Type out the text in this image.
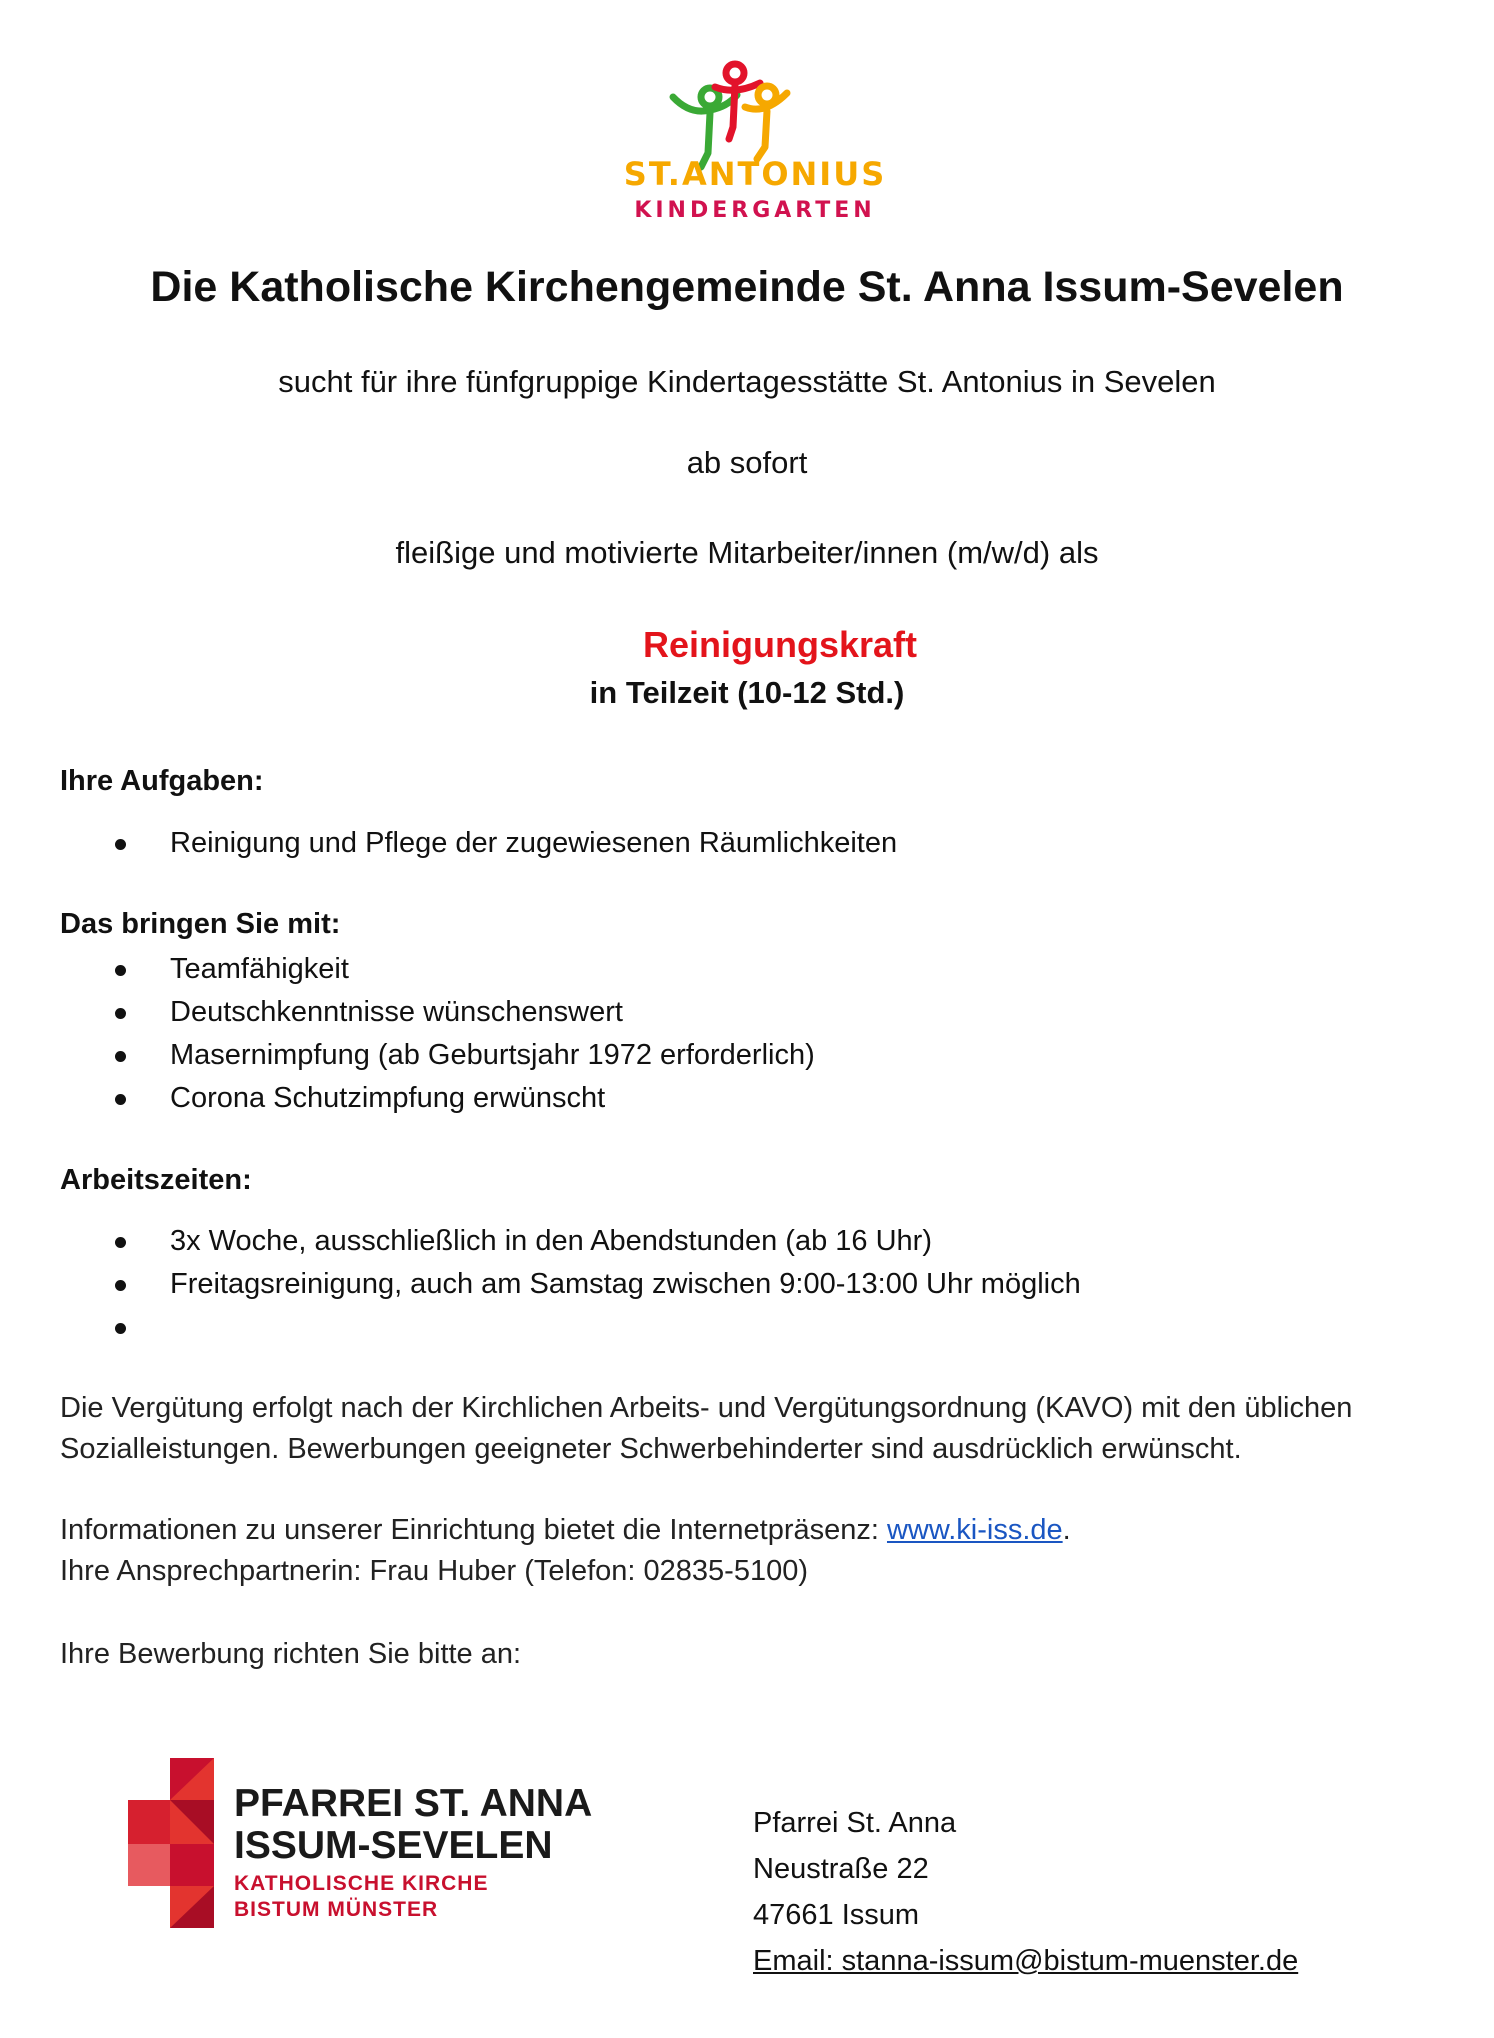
ST.ANTONIUS
KINDERGARTEN
Die Katholische Kirchengemeinde St. Anna Issum-Sevelen
sucht für ihre fünfgruppige Kindertagesstätte St. Antonius in Sevelen
ab sofort
fleißige und motivierte Mitarbeiter/innen (m/w/d) als
Reinigungskraft
in Teilzeit (10-12 Std.)
Ihre Aufgaben:
Reinigung und Pflege der zugewiesenen Räumlichkeiten
Das bringen Sie mit:
Teamfähigkeit
Deutschkenntnisse wünschenswert
Masernimpfung (ab Geburtsjahr 1972 erforderlich)
Corona Schutzimpfung erwünscht
Arbeitszeiten:
3x Woche, ausschließlich in den Abendstunden (ab 16 Uhr)
Freitagsreinigung, auch am Samstag zwischen 9:00-13:00 Uhr möglich
Die Vergütung erfolgt nach der Kirchlichen Arbeits- und Vergütungsordnung (KAVO) mit den üblichen
Sozialleistungen. Bewerbungen geeigneter Schwerbehinderter sind ausdrücklich erwünscht.
Informationen zu unserer Einrichtung bietet die Internetpräsenz: www.ki-iss.de.
Ihre Ansprechpartnerin: Frau Huber (Telefon: 02835-5100)
Ihre Bewerbung richten Sie bitte an:
PFARREI ST. ANNA
ISSUM-SEVELEN
KATHOLISCHE KIRCHE
BISTUM MÜNSTER
Pfarrei St. Anna
Neustraße 22
47661 Issum
Email: stanna-issum@bistum-muenster.de
